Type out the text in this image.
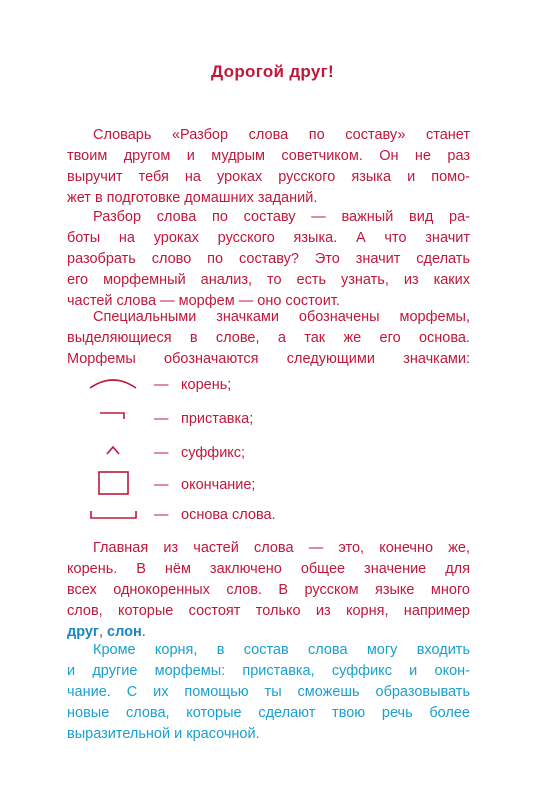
Дорогой друг!
Словарь «Разбор слова по составу» станет
твоим другом и мудрым советчиком. Он не раз
выручит тебя на уроках русского языка и помо-
жет в подготовке домашних заданий.
Разбор слова по составу — важный вид ра-
боты на уроках русского языка. А что значит
разобрать слово по составу? Это значит сделать
его морфемный анализ, то есть узнать, из каких
частей слова — морфем — оно состоит.
Специальными значками обозначены морфемы,
выделяющиеся в слове, а так же его основа.
Морфемы обозначаются следующими значками:
— корень;
— приставка;
— суффикс;
— окончание;
— основа слова.
Главная из частей слова — это, конечно же,
корень. В нём заключено общее значение для
всех однокоренных слов. В русском языке много
слов, которые состоят только из корня, например
друг, слон.
Кроме корня, в состав слова могу входить
и другие морфемы: приставка, суффикс и окон-
чание. С их помощью ты сможешь образовывать
новые слова, которые сделают твою речь более
выразительной и красочной.
